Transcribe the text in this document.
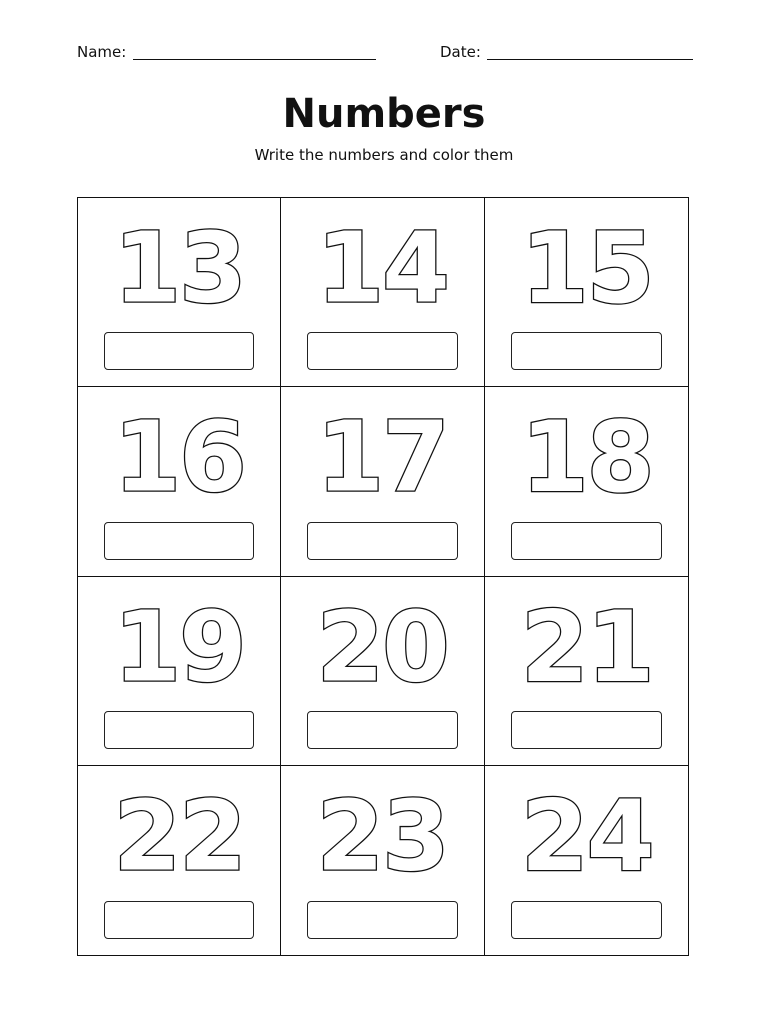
Name:	Date:
Numbers
Write the numbers and color them
13 14 15
16 17 18
19 20 21
22 23 24
